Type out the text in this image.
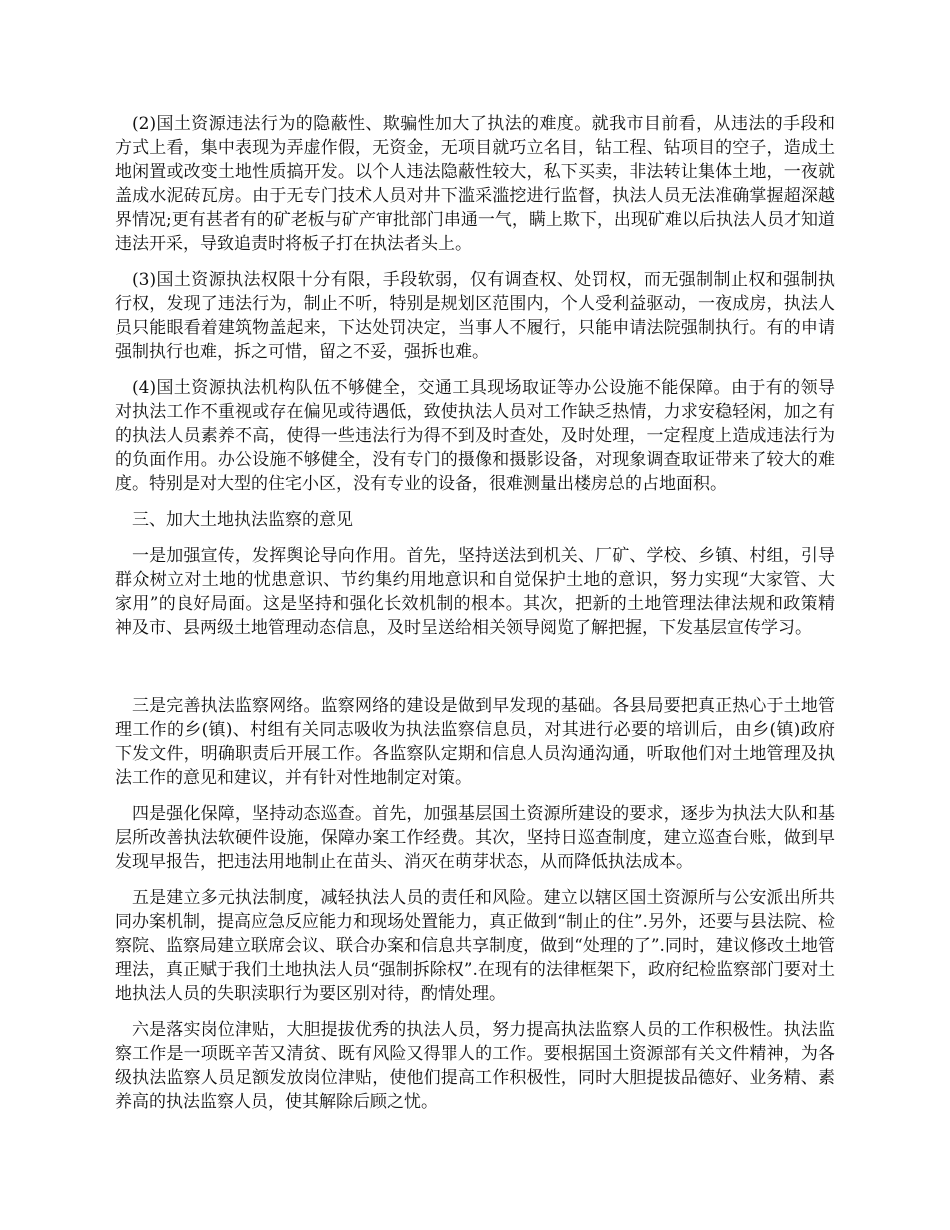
(2)国土资源违法行为的隐蔽性、欺骗性加大了执法的难度。就我市目前看，从违法的手段和方式上看，集中表现为弄虚作假，无资金，无项目就巧立名目，钻工程、钻项目的空子，造成土地闲置或改变土地性质搞开发。以个人违法隐蔽性较大，私下买卖，非法转让集体土地，一夜就盖成水泥砖瓦房。由于无专门技术人员对井下滥采滥挖进行监督，执法人员无法准确掌握超深越界情况;更有甚者有的矿老板与矿产审批部门串通一气，瞒上欺下，出现矿难以后执法人员才知道违法开采，导致追责时将板子打在执法者头上。

(3)国土资源执法权限十分有限，手段软弱，仅有调查权、处罚权，而无强制制止权和强制执行权，发现了违法行为，制止不听，特别是规划区范围内，个人受利益驱动，一夜成房，执法人员只能眼看着建筑物盖起来，下达处罚决定，当事人不履行，只能申请法院强制执行。有的申请强制执行也难，拆之可惜，留之不妥，强拆也难。

(4)国土资源执法机构队伍不够健全，交通工具现场取证等办公设施不能保障。由于有的领导对执法工作不重视或存在偏见或待遇低，致使执法人员对工作缺乏热情，力求安稳轻闲，加之有的执法人员素养不高，使得一些违法行为得不到及时查处，及时处理，一定程度上造成违法行为的负面作用。办公设施不够健全，没有专门的摄像和摄影设备，对现象调查取证带来了较大的难度。特别是对大型的住宅小区，没有专业的设备，很难测量出楼房总的占地面积。

三、加大土地执法监察的意见

一是加强宣传，发挥舆论导向作用。首先，坚持送法到机关、厂矿、学校、乡镇、村组，引导群众树立对土地的忧患意识、节约集约用地意识和自觉保护土地的意识，努力实现“大家管、大家用”的良好局面。这是坚持和强化长效机制的根本。其次，把新的土地管理法律法规和政策精神及市、县两级土地管理动态信息，及时呈送给相关领导阅览了解把握，下发基层宣传学习。

三是完善执法监察网络。监察网络的建设是做到早发现的基础。各县局要把真正热心于土地管理工作的乡(镇)、村组有关同志吸收为执法监察信息员，对其进行必要的培训后，由乡(镇)政府下发文件，明确职责后开展工作。各监察队定期和信息人员沟通沟通，听取他们对土地管理及执法工作的意见和建议，并有针对性地制定对策。

四是强化保障，坚持动态巡查。首先，加强基层国土资源所建设的要求，逐步为执法大队和基层所改善执法软硬件设施，保障办案工作经费。其次，坚持日巡查制度，建立巡查台账，做到早发现早报告，把违法用地制止在苗头、消灭在萌芽状态，从而降低执法成本。

五是建立多元执法制度，减轻执法人员的责任和风险。建立以辖区国土资源所与公安派出所共同办案机制，提高应急反应能力和现场处置能力，真正做到“制止的住”.另外，还要与县法院、检察院、监察局建立联席会议、联合办案和信息共享制度，做到“处理的了”.同时，建议修改土地管理法，真正赋于我们土地执法人员“强制拆除权”.在现有的法律框架下，政府纪检监察部门要对土地执法人员的失职渎职行为要区别对待，酌情处理。

六是落实岗位津贴，大胆提拔优秀的执法人员，努力提高执法监察人员的工作积极性。执法监察工作是一项既辛苦又清贫、既有风险又得罪人的工作。要根据国土资源部有关文件精神，为各级执法监察人员足额发放岗位津贴，使他们提高工作积极性，同时大胆提拔品德好、业务精、素养高的执法监察人员，使其解除后顾之忧。
